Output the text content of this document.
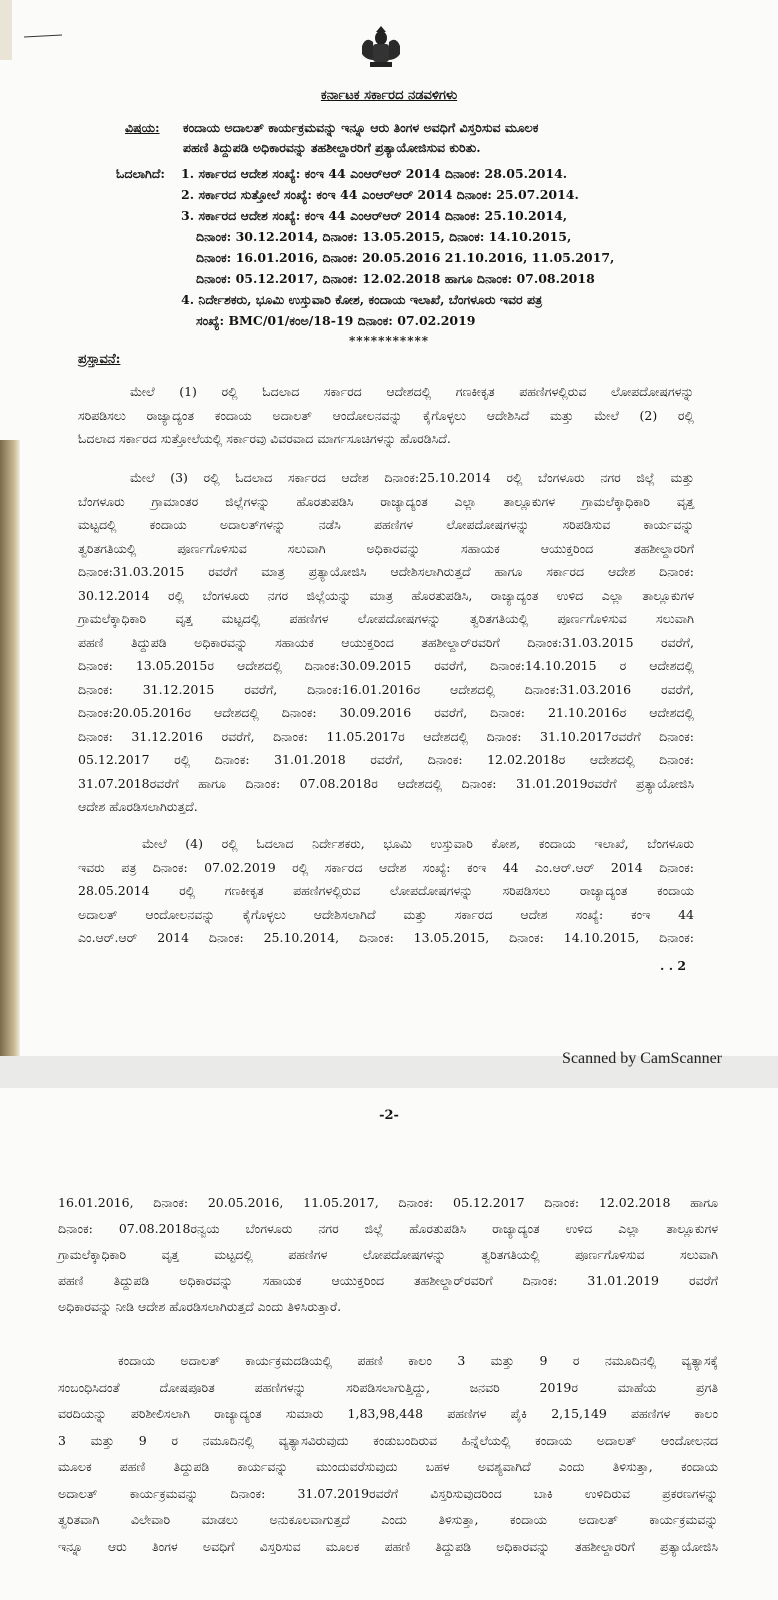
ಕರ್ನಾಟಕ ಸರ್ಕಾರದ ನಡವಳಿಗಳು
ವಿಷಯ: ಕಂದಾಯ ಅದಾಲತ್ ಕಾರ್ಯಕ್ರಮವನ್ನು ಇನ್ನೂ ಆರು ತಿಂಗಳ ಅವಧಿಗೆ ವಿಸ್ತರಿಸುವ ಮೂಲಕ
ಪಹಣಿ ತಿದ್ದುಪಡಿ ಅಧಿಕಾರವನ್ನು ತಹಶೀಲ್ದಾರರಿಗೆ ಪ್ರತ್ಯಾಯೋಜಿಸುವ ಕುರಿತು.
ಓದಲಾಗಿದೆ: 1. ಸರ್ಕಾರದ ಆದೇಶ ಸಂಖ್ಯೆ: ಕಂಇ 44 ಎಂಆರ್‌ಆರ್ 2014 ದಿನಾಂಕ: 28.05.2014.
2. ಸರ್ಕಾರದ ಸುತ್ತೋಲೆ ಸಂಖ್ಯೆ: ಕಂಇ 44 ಎಂಆರ್‌ಆರ್ 2014 ದಿನಾಂಕ: 25.07.2014.
3. ಸರ್ಕಾರದ ಆದೇಶ ಸಂಖ್ಯೆ: ಕಂಇ 44 ಎಂಆರ್‌ಆರ್ 2014 ದಿನಾಂಕ: 25.10.2014,
ದಿನಾಂಕ: 30.12.2014, ದಿನಾಂಕ: 13.05.2015, ದಿನಾಂಕ: 14.10.2015,
ದಿನಾಂಕ: 16.01.2016, ದಿನಾಂಕ: 20.05.2016 21.10.2016, 11.05.2017,
ದಿನಾಂಕ: 05.12.2017, ದಿನಾಂಕ: 12.02.2018 ಹಾಗೂ ದಿನಾಂಕ: 07.08.2018
4. ನಿರ್ದೇಶಕರು, ಭೂಮಿ ಉಸ್ತುವಾರಿ ಕೋಶ, ಕಂದಾಯ ಇಲಾಖೆ, ಬೆಂಗಳೂರು ಇವರ ಪತ್ರ
ಸಂಖ್ಯೆ: BMC/01/ಕಂಅ/18-19 ದಿನಾಂಕ: 07.02.2019
***********
ಪ್ರಸ್ತಾವನೆ:
ಮೇಲೆ (1) ರಲ್ಲಿ ಓದಲಾದ ಸರ್ಕಾರದ ಆದೇಶದಲ್ಲಿ ಗಣಕೀಕೃತ ಪಹಣಿಗಳಲ್ಲಿರುವ ಲೋಪದೋಷಗಳನ್ನು
ಸರಿಪಡಿಸಲು ರಾಜ್ಯಾದ್ಯಂತ ಕಂದಾಯ ಅದಾಲತ್ ಆಂದೋಲನವನ್ನು ಕೈಗೊಳ್ಳಲು ಆದೇಶಿಸಿದೆ ಮತ್ತು ಮೇಲೆ (2) ರಲ್ಲಿ
ಓದಲಾದ ಸರ್ಕಾರದ ಸುತ್ತೋಲೆಯಲ್ಲಿ ಸರ್ಕಾರವು ವಿವರವಾದ ಮಾರ್ಗಸೂಚಿಗಳನ್ನು ಹೊರಡಿಸಿದೆ.
ಮೇಲೆ (3) ರಲ್ಲಿ ಓದಲಾದ ಸರ್ಕಾರದ ಆದೇಶ ದಿನಾಂಕ:25.10.2014 ರಲ್ಲಿ ಬೆಂಗಳೂರು ನಗರ ಜಿಲ್ಲೆ ಮತ್ತು
ಬೆಂಗಳೂರು ಗ್ರಾಮಾಂತರ ಜಿಲ್ಲೆಗಳನ್ನು ಹೊರತುಪಡಿಸಿ ರಾಜ್ಯಾದ್ಯಂತ ಎಲ್ಲಾ ತಾಲ್ಲೂಕುಗಳ ಗ್ರಾಮಲೆಕ್ಕಾಧಿಕಾರಿ ವೃತ್ತ
ಮಟ್ಟದಲ್ಲಿ ಕಂದಾಯ ಅದಾಲತ್‌ಗಳನ್ನು ನಡೆಸಿ ಪಹಣಿಗಳ ಲೋಪದೋಷಗಳನ್ನು ಸರಿಪಡಿಸುವ ಕಾರ್ಯವನ್ನು
ತ್ವರಿತಗತಿಯಲ್ಲಿ ಪೂರ್ಣಗೊಳಿಸುವ ಸಲುವಾಗಿ ಅಧಿಕಾರವನ್ನು ಸಹಾಯಕ ಆಯುಕ್ತರಿಂದ ತಹಶೀಲ್ದಾರರಿಗೆ
ದಿನಾಂಕ:31.03.2015 ರವರೆಗೆ ಮಾತ್ರ ಪ್ರತ್ಯಾಯೋಜಿಸಿ ಆದೇಶಿಸಲಾಗಿರುತ್ತದೆ ಹಾಗೂ ಸರ್ಕಾರದ ಆದೇಶ ದಿನಾಂಕ:
30.12.2014 ರಲ್ಲಿ ಬೆಂಗಳೂರು ನಗರ ಜಿಲ್ಲೆಯನ್ನು ಮಾತ್ರ ಹೊರತುಪಡಿಸಿ, ರಾಜ್ಯಾದ್ಯಂತ ಉಳಿದ ಎಲ್ಲಾ ತಾಲ್ಲೂಕುಗಳ
ಗ್ರಾಮಲೆಕ್ಕಾಧಿಕಾರಿ ವೃತ್ತ ಮಟ್ಟದಲ್ಲಿ ಪಹಣಿಗಳ ಲೋಪದೋಷಗಳನ್ನು ತ್ವರಿತಗತಿಯಲ್ಲಿ ಪೂರ್ಣಗೊಳಿಸುವ ಸಲುವಾಗಿ
ಪಹಣಿ ತಿದ್ದುಪಡಿ ಅಧಿಕಾರವನ್ನು ಸಹಾಯಕ ಆಯುಕ್ತರಿಂದ ತಹಶೀಲ್ದಾರ್‌ರವರಿಗೆ ದಿನಾಂಕ:31.03.2015 ರವರೆಗೆ,
ದಿನಾಂಕ: 13.05.2015ರ ಆದೇಶದಲ್ಲಿ ದಿನಾಂಕ:30.09.2015 ರವರೆಗೆ, ದಿನಾಂಕ:14.10.2015 ರ ಆದೇಶದಲ್ಲಿ
ದಿನಾಂಕ: 31.12.2015 ರವರೆಗೆ, ದಿನಾಂಕ:16.01.2016ರ ಆದೇಶದಲ್ಲಿ ದಿನಾಂಕ:31.03.2016 ರವರೆಗೆ,
ದಿನಾಂಕ:20.05.2016ರ ಆದೇಶದಲ್ಲಿ ದಿನಾಂಕ: 30.09.2016 ರವರೆಗೆ, ದಿನಾಂಕ: 21.10.2016ರ ಆದೇಶದಲ್ಲಿ
ದಿನಾಂಕ: 31.12.2016 ರವರೆಗೆ, ದಿನಾಂಕ: 11.05.2017ರ ಆದೇಶದಲ್ಲಿ ದಿನಾಂಕ: 31.10.2017ರವರೆಗೆ ದಿನಾಂಕ:
05.12.2017 ರಲ್ಲಿ ದಿನಾಂಕ: 31.01.2018 ರವರೆಗೆ, ದಿನಾಂಕ: 12.02.2018ರ ಆದೇಶದಲ್ಲಿ ದಿನಾಂಕ:
31.07.2018ರವರೆಗೆ ಹಾಗೂ ದಿನಾಂಕ: 07.08.2018ರ ಆದೇಶದಲ್ಲಿ ದಿನಾಂಕ: 31.01.2019ರವರೆಗೆ ಪ್ರತ್ಯಾಯೋಜಿಸಿ
ಆದೇಶ ಹೊರಡಿಸಲಾಗಿರುತ್ತದೆ.
ಮೇಲೆ (4) ರಲ್ಲಿ ಓದಲಾದ ನಿರ್ದೇಶಕರು, ಭೂಮಿ ಉಸ್ತುವಾರಿ ಕೋಶ, ಕಂದಾಯ ಇಲಾಖೆ, ಬೆಂಗಳೂರು
ಇವರು ಪತ್ರ ದಿನಾಂಕ: 07.02.2019 ರಲ್ಲಿ ಸರ್ಕಾರದ ಆದೇಶ ಸಂಖ್ಯೆ: ಕಂಇ 44 ಎಂ.ಆರ್.ಆರ್ 2014 ದಿನಾಂಕ:
28.05.2014 ರಲ್ಲಿ ಗಣಕೀಕೃತ ಪಹಣಿಗಳಲ್ಲಿರುವ ಲೋಪದೋಷಗಳನ್ನು ಸರಿಪಡಿಸಲು ರಾಜ್ಯಾದ್ಯಂತ ಕಂದಾಯ
ಅದಾಲತ್ ಆಂದೋಲನವನ್ನು ಕೈಗೊಳ್ಳಲು ಆದೇಶಿಸಲಾಗಿದೆ ಮತ್ತು ಸರ್ಕಾರದ ಆದೇಶ ಸಂಖ್ಯೆ: ಕಂಇ 44
ಎಂ.ಆರ್.ಆರ್ 2014 ದಿನಾಂಕ: 25.10.2014, ದಿನಾಂಕ: 13.05.2015, ದಿನಾಂಕ: 14.10.2015, ದಿನಾಂಕ:
. . 2
Scanned by CamScanner
-2-
16.01.2016, ದಿನಾಂಕ: 20.05.2016, 11.05.2017, ದಿನಾಂಕ: 05.12.2017 ದಿನಾಂಕ: 12.02.2018 ಹಾಗೂ
ದಿನಾಂಕ: 07.08.2018ರನ್ವಯ ಬೆಂಗಳೂರು ನಗರ ಜಿಲ್ಲೆ ಹೊರತುಪಡಿಸಿ ರಾಜ್ಯಾದ್ಯಂತ ಉಳಿದ ಎಲ್ಲಾ ತಾಲ್ಲೂಕುಗಳ
ಗ್ರಾಮಲೆಕ್ಕಾಧಿಕಾರಿ ವೃತ್ತ ಮಟ್ಟದಲ್ಲಿ ಪಹಣಿಗಳ ಲೋಪದೋಷಗಳನ್ನು ತ್ವರಿತಗತಿಯಲ್ಲಿ ಪೂರ್ಣಗೊಳಿಸುವ ಸಲುವಾಗಿ
ಪಹಣಿ ತಿದ್ದುಪಡಿ ಅಧಿಕಾರವನ್ನು ಸಹಾಯಕ ಆಯುಕ್ತರಿಂದ ತಹಶೀಲ್ದಾರ್‌ರವರಿಗೆ ದಿನಾಂಕ: 31.01.2019 ರವರೆಗೆ
ಅಧಿಕಾರವನ್ನು ನೀಡಿ ಆದೇಶ ಹೊರಡಿಸಲಾಗಿರುತ್ತದೆ ಎಂದು ತಿಳಿಸಿರುತ್ತಾರೆ.
ಕಂದಾಯ ಅದಾಲತ್ ಕಾರ್ಯಕ್ರಮದಡಿಯಲ್ಲಿ ಪಹಣಿ ಕಾಲಂ 3 ಮತ್ತು 9 ರ ನಮೂದಿನಲ್ಲಿ ವ್ಯತ್ಯಾಸಕ್ಕೆ
ಸಂಬಂಧಿಸಿದಂತೆ ದೋಷಪೂರಿತ ಪಹಣಿಗಳನ್ನು ಸರಿಪಡಿಸಲಾಗುತ್ತಿದ್ದು, ಜನವರಿ 2019ರ ಮಾಹೆಯ ಪ್ರಗತಿ
ವರದಿಯನ್ನು ಪರಿಶೀಲಿಸಲಾಗಿ ರಾಜ್ಯಾದ್ಯಂತ ಸುಮಾರು 1,83,98,448 ಪಹಣಿಗಳ ಪೈಕಿ 2,15,149 ಪಹಣಿಗಳ ಕಾಲಂ
3 ಮತ್ತು 9 ರ ನಮೂದಿನಲ್ಲಿ ವ್ಯತ್ಯಾಸವಿರುವುದು ಕಂಡುಬಂದಿರುವ ಹಿನ್ನೆಲೆಯಲ್ಲಿ ಕಂದಾಯ ಅದಾಲತ್ ಆಂದೋಲನದ
ಮೂಲಕ ಪಹಣಿ ತಿದ್ದುಪಡಿ ಕಾರ್ಯವನ್ನು ಮುಂದುವರೆಸುವುದು ಬಹಳ ಅವಶ್ಯವಾಗಿದೆ ಎಂದು ತಿಳಿಸುತ್ತಾ, ಕಂದಾಯ
ಅದಾಲತ್ ಕಾರ್ಯಕ್ರಮವನ್ನು ದಿನಾಂಕ: 31.07.2019ರವರೆಗೆ ವಿಸ್ತರಿಸುವುದರಿಂದ ಬಾಕಿ ಉಳಿದಿರುವ ಪ್ರಕರಣಗಳನ್ನು
ತ್ವರಿತವಾಗಿ ವಿಲೇವಾರಿ ಮಾಡಲು ಅನುಕೂಲವಾಗುತ್ತದೆ ಎಂದು ತಿಳಿಸುತ್ತಾ, ಕಂದಾಯ ಅದಾಲತ್ ಕಾರ್ಯಕ್ರಮವನ್ನು
ಇನ್ನೂ ಆರು ತಿಂಗಳ ಅವಧಿಗೆ ವಿಸ್ತರಿಸುವ ಮೂಲಕ ಪಹಣಿ ತಿದ್ದುಪಡಿ ಅಧಿಕಾರವನ್ನು ತಹಶೀಲ್ದಾರರಿಗೆ ಪ್ರತ್ಯಾಯೋಜಿಸಿ
